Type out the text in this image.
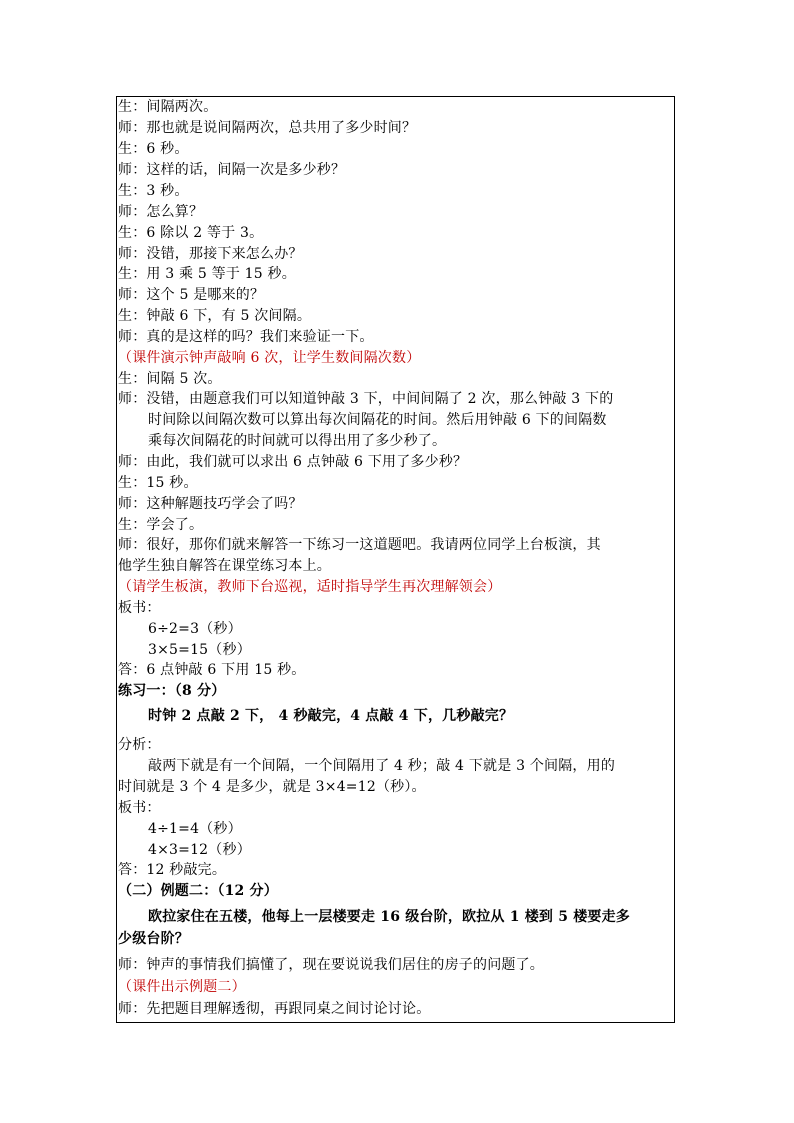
生：间隔两次。
师：那也就是说间隔两次，总共用了多少时间？
生：6 秒。
师：这样的话，间隔一次是多少秒？
生：3 秒。
师：怎么算？
生：6 除以 2 等于 3。
师：没错，那接下来怎么办？
生：用 3 乘 5 等于 15 秒。
师：这个 5 是哪来的？
生：钟敲 6 下，有 5 次间隔。
师：真的是这样的吗？我们来验证一下。
（课件演示钟声敲响 6 次，让学生数间隔次数）
生：间隔 5 次。
师：没错，由题意我们可以知道钟敲 3 下，中间间隔了 2 次，那么钟敲 3 下的
时间除以间隔次数可以算出每次间隔花的时间。然后用钟敲 6 下的间隔数
乘每次间隔花的时间就可以得出用了多少秒了。
师：由此，我们就可以求出 6 点钟敲 6 下用了多少秒？
生：15 秒。
师：这种解题技巧学会了吗？
生：学会了。
师：很好，那你们就来解答一下练习一这道题吧。我请两位同学上台板演，其
他学生独自解答在课堂练习本上。
（请学生板演，教师下台巡视，适时指导学生再次理解领会）
板书：
6÷2=3（秒）
3×5=15（秒）
答：6 点钟敲 6 下用 15 秒。
练习一：（8 分）
时钟 2 点敲 2 下， 4 秒敲完，4 点敲 4 下，几秒敲完？
分析：
敲两下就是有一个间隔，一个间隔用了 4 秒；敲 4 下就是 3 个间隔，用的
时间就是 3 个 4 是多少，就是 3×4=12（秒）。
板书：
4÷1=4（秒）
4×3=12（秒）
答：12 秒敲完。
（二）例题二：（12 分）
欧拉家住在五楼，他每上一层楼要走 16 级台阶，欧拉从 1 楼到 5 楼要走多
少级台阶？
师：钟声的事情我们搞懂了，现在要说说我们居住的房子的问题了。
（课件出示例题二）
师：先把题目理解透彻，再跟同桌之间讨论讨论。
